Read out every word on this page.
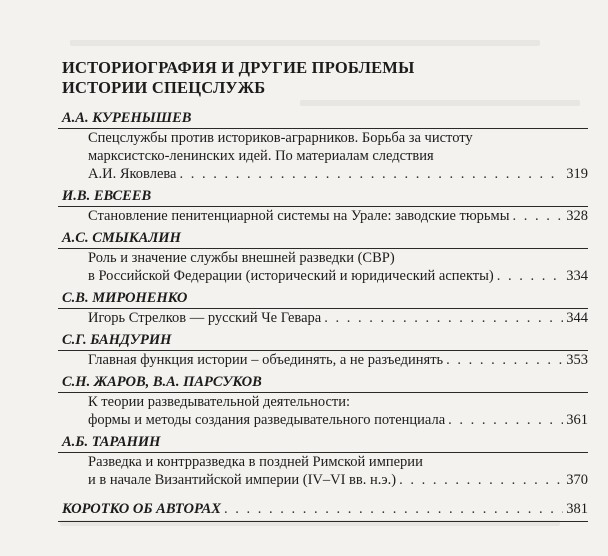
ИСТОРИОГРАФИЯ И ДРУГИЕ ПРОБЛЕМЫ
ИСТОРИИ СПЕЦСЛУЖБ
А.А. КУРЕНЫШЕВ
Спецслужбы против историков-аграрников. Борьба за чистоту
марксистско-ленинских идей. По материалам следствия
А.И. Яковлева . . .	319
И.В. ЕВСЕЕВ
Становление пенитенциарной системы на Урале: заводские тюрьмы . . .	328
А.С. СМЫКАЛИН
Роль и значение службы внешней разведки (СВР)
в Российской Федерации (исторический и юридический аспекты) . . .	334
С.В. МИРОНЕНКО
Игорь Стрелков — русский Че Гевара . . .	344
С.Г. БАНДУРИН
Главная функция истории – объединять, а не разъединять . . .	353
С.Н. ЖАРОВ, В.А. ПАРСУКОВ
К теории разведывательной деятельности:
формы и методы создания разведывательного потенциала . . .	361
А.Б. ТАРАНИН
Разведка и контрразведка в поздней Римской империи
и в начале Византийской империи (IV–VI вв. н.э.) . . .	370
КОРОТКО ОБ АВТОРАХ . . .	381
